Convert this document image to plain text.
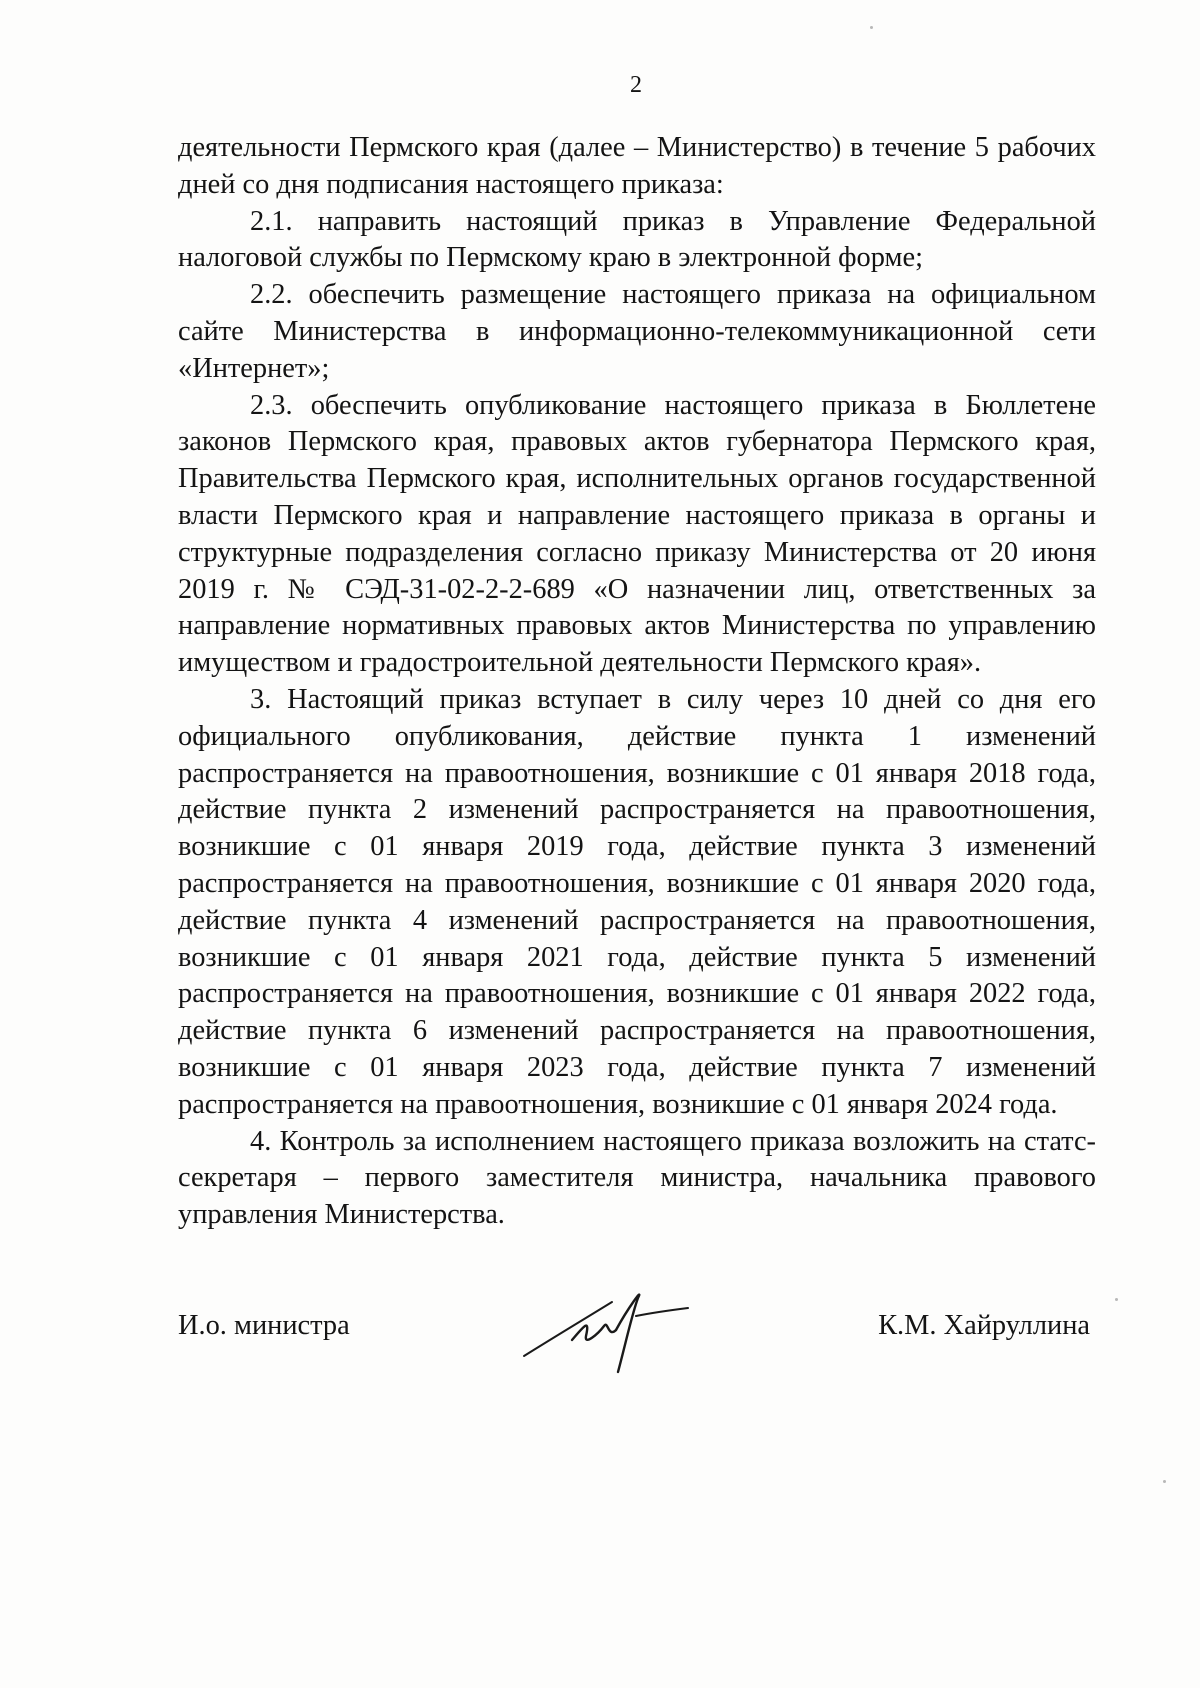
2

деятельности Пермского края (далее – Министерство) в течение 5 рабочих дней со дня подписания настоящего приказа:

2.1. направить настоящий приказ в Управление Федеральной налоговой службы по Пермскому краю в электронной форме;

2.2. обеспечить размещение настоящего приказа на официальном сайте Министерства в информационно-телекоммуникационной сети «Интернет»;

2.3. обеспечить опубликование настоящего приказа в Бюллетене законов Пермского края, правовых актов губернатора Пермского края, Правительства Пермского края, исполнительных органов государственной власти Пермского края и направление настоящего приказа в органы и структурные подразделения согласно приказу Министерства от 20 июня 2019 г. № СЭД-31-02-2-2-689 «О назначении лиц, ответственных за направление нормативных правовых актов Министерства по управлению имуществом и градостроительной деятельности Пермского края».

3. Настоящий приказ вступает в силу через 10 дней со дня его официального опубликования, действие пункта 1 изменений распространяется на правоотношения, возникшие с 01 января 2018 года, действие пункта 2 изменений распространяется на правоотношения, возникшие с 01 января 2019 года, действие пункта 3 изменений распространяется на правоотношения, возникшие с 01 января 2020 года, действие пункта 4 изменений распространяется на правоотношения, возникшие с 01 января 2021 года, действие пункта 5 изменений распространяется на правоотношения, возникшие с 01 января 2022 года, действие пункта 6 изменений распространяется на правоотношения, возникшие с 01 января 2023 года, действие пункта 7 изменений распространяется на правоотношения, возникшие с 01 января 2024 года.

4. Контроль за исполнением настоящего приказа возложить на статс-секретаря – первого заместителя министра, начальника правового управления Министерства.

И.о. министра	К.М. Хайруллина
